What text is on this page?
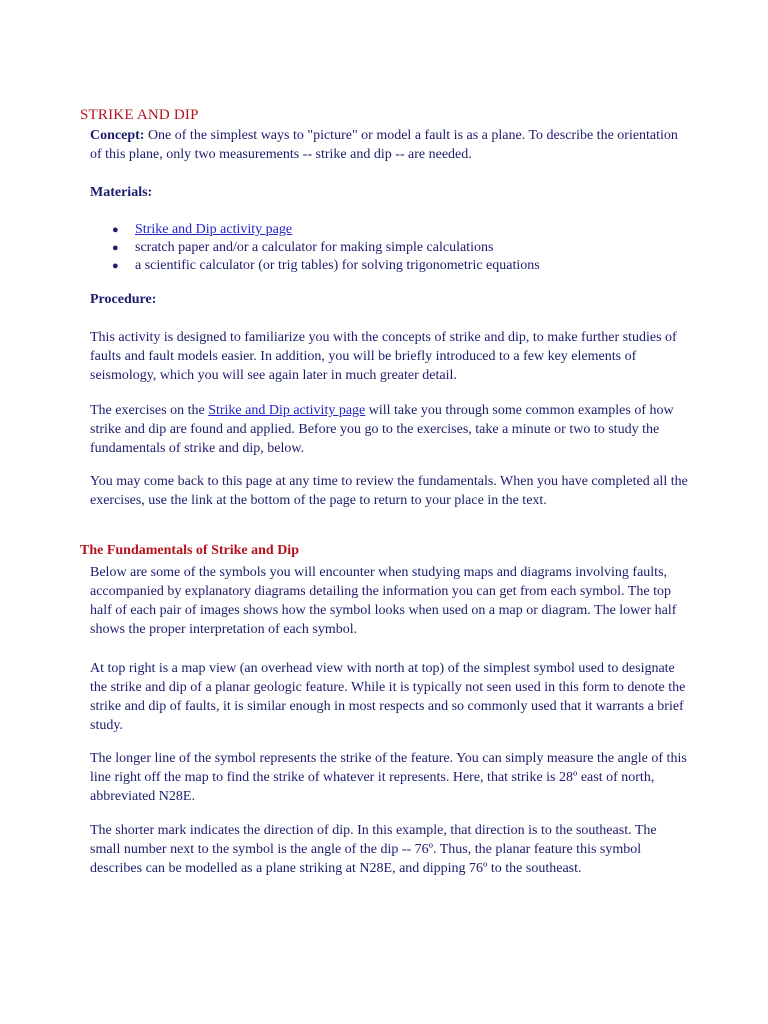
STRIKE AND DIP

Concept: One of the simplest ways to "picture" or model a fault is as a plane. To describe the orientation of this plane, only two measurements -- strike and dip -- are needed.

Materials:
● Strike and Dip activity page
● scratch paper and/or a calculator for making simple calculations
● a scientific calculator (or trig tables) for solving trigonometric equations
Procedure:

This activity is designed to familiarize you with the concepts of strike and dip, to make further studies of faults and fault models easier. In addition, you will be briefly introduced to a few key elements of seismology, which you will see again later in much greater detail.

The exercises on the Strike and Dip activity page will take you through some common examples of how strike and dip are found and applied. Before you go to the exercises, take a minute or two to study the fundamentals of strike and dip, below.

You may come back to this page at any time to review the fundamentals. When you have completed all the exercises, use the link at the bottom of the page to return to your place in the text.

The Fundamentals of Strike and Dip

Below are some of the symbols you will encounter when studying maps and diagrams involving faults, accompanied by explanatory diagrams detailing the information you can get from each symbol. The top half of each pair of images shows how the symbol looks when used on a map or diagram. The lower half shows the proper interpretation of each symbol.

At top right is a map view (an overhead view with north at top) of the simplest symbol used to designate the strike and dip of a planar geologic feature. While it is typically not seen used in this form to denote the strike and dip of faults, it is similar enough in most respects and so commonly used that it warrants a brief study.

The longer line of the symbol represents the strike of the feature. You can simply measure the angle of this line right off the map to find the strike of whatever it represents. Here, that strike is 28º east of north, abbreviated N28E.

The shorter mark indicates the direction of dip. In this example, that direction is to the southeast. The small number next to the symbol is the angle of the dip -- 76º. Thus, the planar feature this symbol describes can be modelled as a plane striking at N28E, and dipping 76º to the southeast.
